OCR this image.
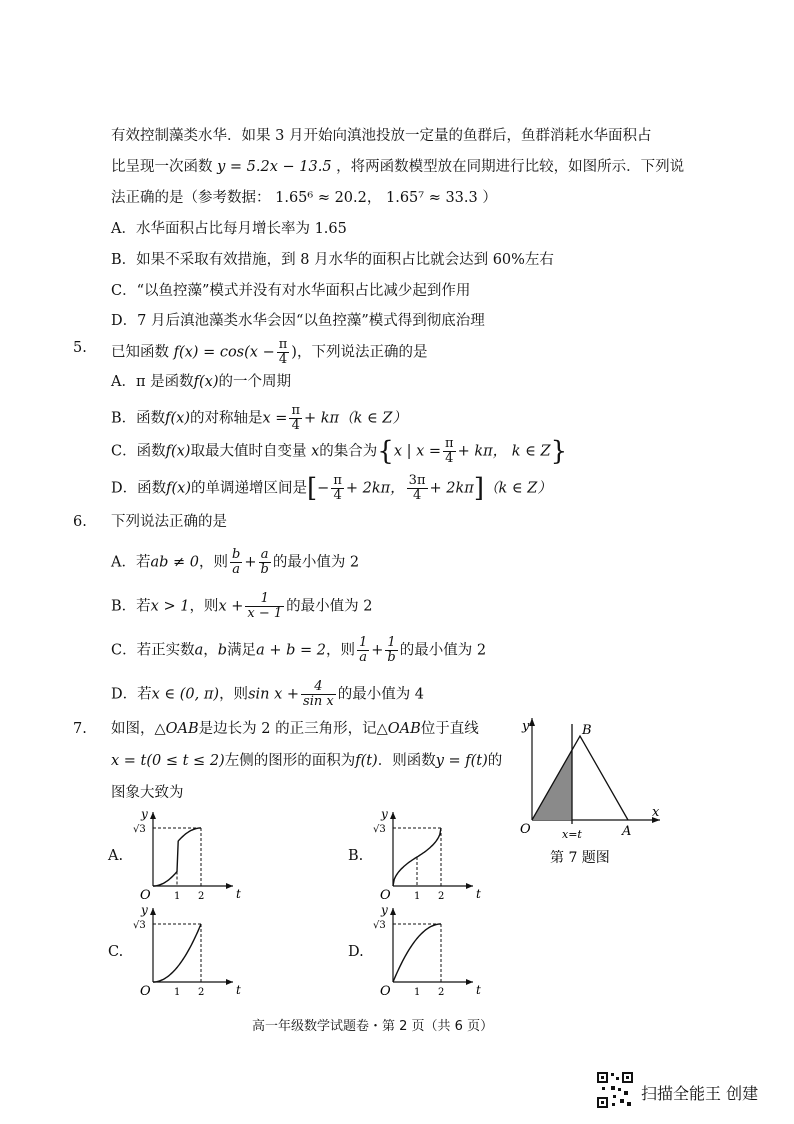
有效控制藻类水华．如果 3 月开始向滇池投放一定量的鱼群后，鱼群消耗水华面积占
比呈现一次函数 y = 5.2x − 13.5 ，将两函数模型放在同期进行比较，如图所示．下列说
法正确的是（参考数据： 1.65⁶ ≈ 20.2， 1.65⁷ ≈ 33.3 ）
A．水华面积占比每月增长率为 1.65
B．如果不采取有效措施，到 8 月水华的面积占比就会达到 60%左右
C．“以鱼控藻”模式并没有对水华面积占比减少起到作用
D．7 月后滇池藻类水华会因“以鱼控藻”模式得到彻底治理
5. 已知函数 $f(x) = \cos(x - \frac{\pi}{4}$ )，下列说法正确的是
A．π 是函数f(x)的一个周期
B．函数f(x)的对称轴是$x = \frac{\pi}{4} + k\pi(k$ ∈ Z）
C．函数f(x)取最大值时自变量 x的集合为{x | $x = \frac{\pi}{4} + k\pi$， k ∈ Z}
D．函数f(x)的单调递增区间是[− $\frac{\pi}{4} + 2k\pi$， $\frac{3\pi}{4} + 2k\pi](k$ ∈ Z）
6. 下列说法正确的是
A．若ab ≠ 0，则 $\frac{b}{a} + \frac{a}{b}$ 的最小值为 2
B．若x > 1，则$x + \frac{1}{x - 1}$ 的最小值为 2
C．若正实数a，b满足a + b = 2，则 $\frac{1}{a} + \frac{1}{b}$ 的最小值为 2
D．若x ∈ (0, π)，则$\sin x + \frac{4}{\text{sin x}}$ 的最小值为 4
7. 如图，△OAB是边长为 2 的正三角形，记△OAB位于直线
x = t(0 ≤ t ≤ 2)左侧的图形的面积为f(t)．则函数y = f(t)的
图象大致为
y
x
O	A
B
x=t
第 7 题图
A.
y
t
O
√3
1 2
B.
y
t
O
√3
1 2
C.
y
t
O
√3
1 2
D.
y
t
O
√3
1 2
高一年级数学试题卷・第 2 页（共 6 页）
扫描全能王 创建
